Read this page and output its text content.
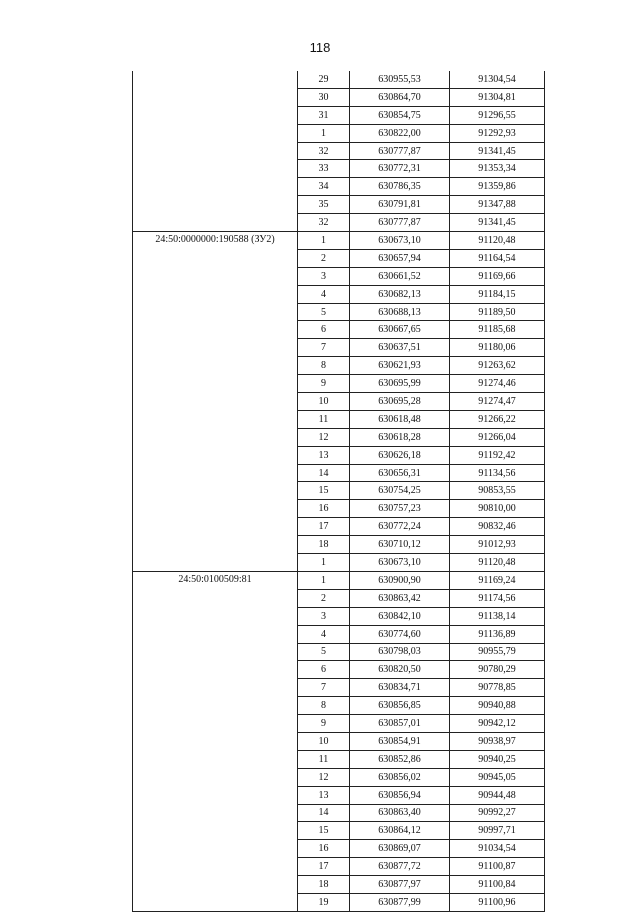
118
	29	630955,53	91304,54
	30	630864,70	91304,81
	31	630854,75	91296,55
	1	630822,00	91292,93
	32	630777,87	91341,45
	33	630772,31	91353,34
	34	630786,35	91359,86
	35	630791,81	91347,88
	32	630777,87	91341,45
24:50:0000000:190588 (ЗУ2)	1	630673,10	91120,48
	2	630657,94	91164,54
	3	630661,52	91169,66
	4	630682,13	91184,15
	5	630688,13	91189,50
	6	630667,65	91185,68
	7	630637,51	91180,06
	8	630621,93	91263,62
	9	630695,99	91274,46
	10	630695,28	91274,47
	11	630618,48	91266,22
	12	630618,28	91266,04
	13	630626,18	91192,42
	14	630656,31	91134,56
	15	630754,25	90853,55
	16	630757,23	90810,00
	17	630772,24	90832,46
	18	630710,12	91012,93
	1	630673,10	91120,48
24:50:0100509:81	1	630900,90	91169,24
	2	630863,42	91174,56
	3	630842,10	91138,14
	4	630774,60	91136,89
	5	630798,03	90955,79
	6	630820,50	90780,29
	7	630834,71	90778,85
	8	630856,85	90940,88
	9	630857,01	90942,12
	10	630854,91	90938,97
	11	630852,86	90940,25
	12	630856,02	90945,05
	13	630856,94	90944,48
	14	630863,40	90992,27
	15	630864,12	90997,71
	16	630869,07	91034,54
	17	630877,72	91100,87
	18	630877,97	91100,84
	19	630877,99	91100,96
